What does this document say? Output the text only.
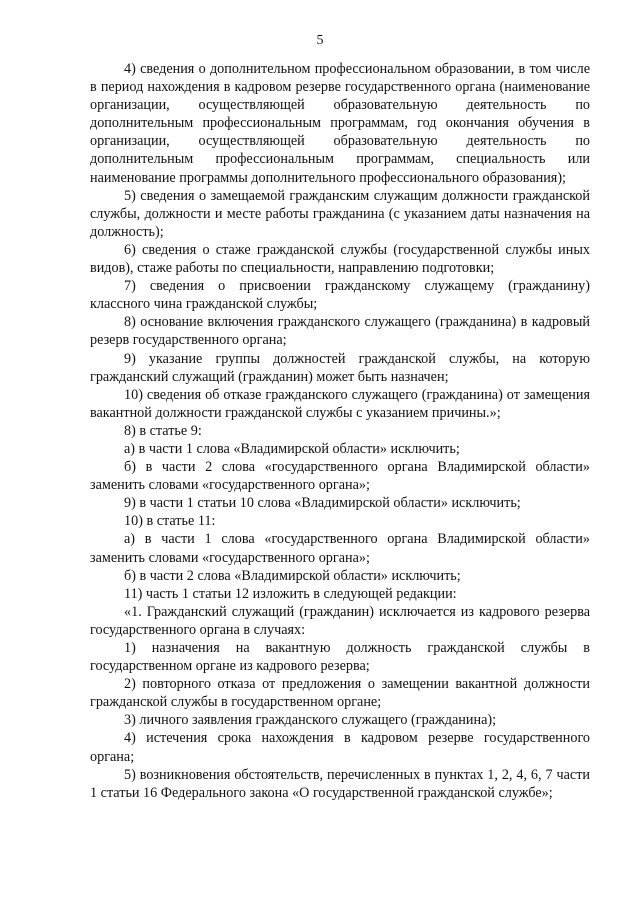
5

4) сведения о дополнительном профессиональном образовании, в том числе в период нахождения в кадровом резерве государственного органа (наименование организации, осуществляющей образовательную деятельность по дополнительным профессиональным программам, год окончания обучения в организации, осуществляющей образовательную деятельность по дополнительным профессиональным программам, специальность или наименование программы дополнительного профессионального образования);

5) сведения о замещаемой гражданским служащим должности гражданской службы, должности и месте работы гражданина (с указанием даты назначения на должность);

6) сведения о стаже гражданской службы (государственной службы иных видов), стаже работы по специальности, направлению подготовки;

7) сведения о присвоении гражданскому служащему (гражданину) классного чина гражданской службы;

8) основание включения гражданского служащего (гражданина) в кадровый резерв государственного органа;

9) указание группы должностей гражданской службы, на которую гражданский служащий (гражданин) может быть назначен;

10) сведения об отказе гражданского служащего (гражданина) от замещения вакантной должности гражданской службы с указанием причины.»;

8) в статье 9:

а) в части 1 слова «Владимирской области» исключить;

б) в части 2 слова «государственного органа Владимирской области» заменить словами «государственного органа»;

9) в части 1 статьи 10 слова «Владимирской области» исключить;

10) в статье 11:

а) в части 1 слова «государственного органа Владимирской области» заменить словами «государственного органа»;

б) в части 2 слова «Владимирской области» исключить;

11) часть 1 статьи 12 изложить в следующей редакции:

«1. Гражданский служащий (гражданин) исключается из кадрового резерва государственного органа в случаях:

1) назначения на вакантную должность гражданской службы в государственном органе из кадрового резерва;

2) повторного отказа от предложения о замещении вакантной должности гражданской службы в государственном органе;

3) личного заявления гражданского служащего (гражданина);

4) истечения срока нахождения в кадровом резерве государственного органа;

5) возникновения обстоятельств, перечисленных в пунктах 1, 2, 4, 6, 7 части 1 статьи 16 Федерального закона «О государственной гражданской службе»;
